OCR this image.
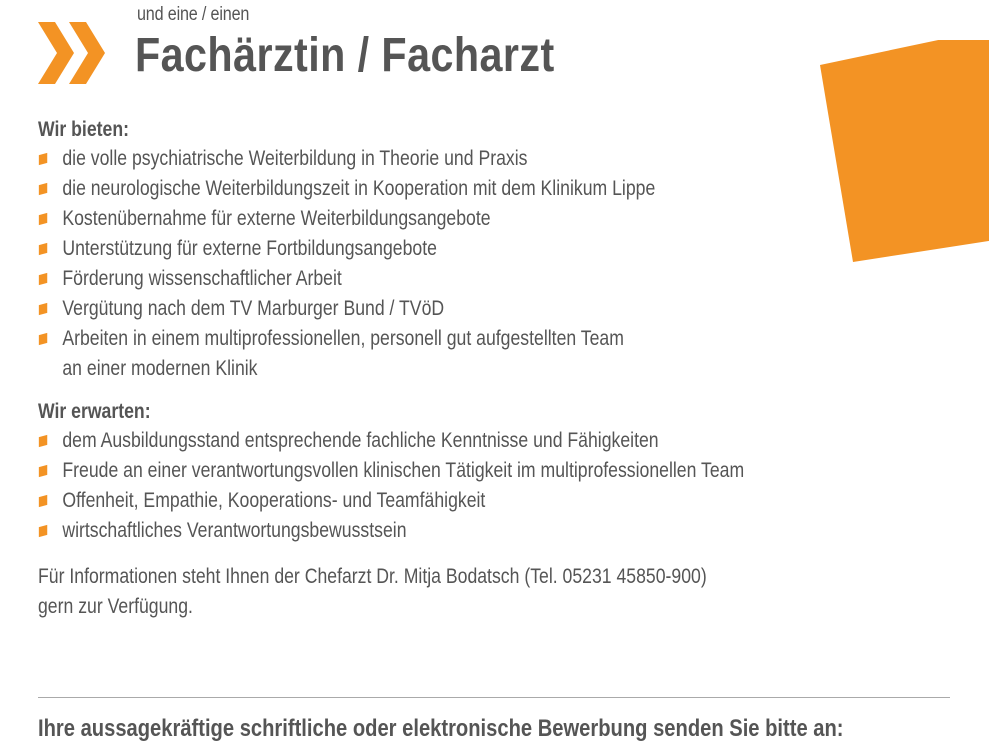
und eine / einen
Fachärztin / Facharzt
Wir bieten:
die volle psychiatrische Weiterbildung in Theorie und Praxis
die neurologische Weiterbildungszeit in Kooperation mit dem Klinikum Lippe
Kostenübernahme für externe Weiterbildungsangebote
Unterstützung für externe Fortbildungsangebote
Förderung wissenschaftlicher Arbeit
Vergütung nach dem TV Marburger Bund / TVöD
Arbeiten in einem multiprofessionellen, personell gut aufgestellten Team
an einer modernen Klinik
Wir erwarten:
dem Ausbildungsstand entsprechende fachliche Kenntnisse und Fähigkeiten
Freude an einer verantwortungsvollen klinischen Tätigkeit im multiprofessionellen Team
Offenheit, Empathie, Kooperations- und Teamfähigkeit
wirtschaftliches Verantwortungsbewusstsein
Für Informationen steht Ihnen der Chefarzt Dr. Mitja Bodatsch (Tel. 05231 45850-900)
gern zur Verfügung.

Ihre aussagekräftige schriftliche oder elektronische Bewerbung senden Sie bitte an:
